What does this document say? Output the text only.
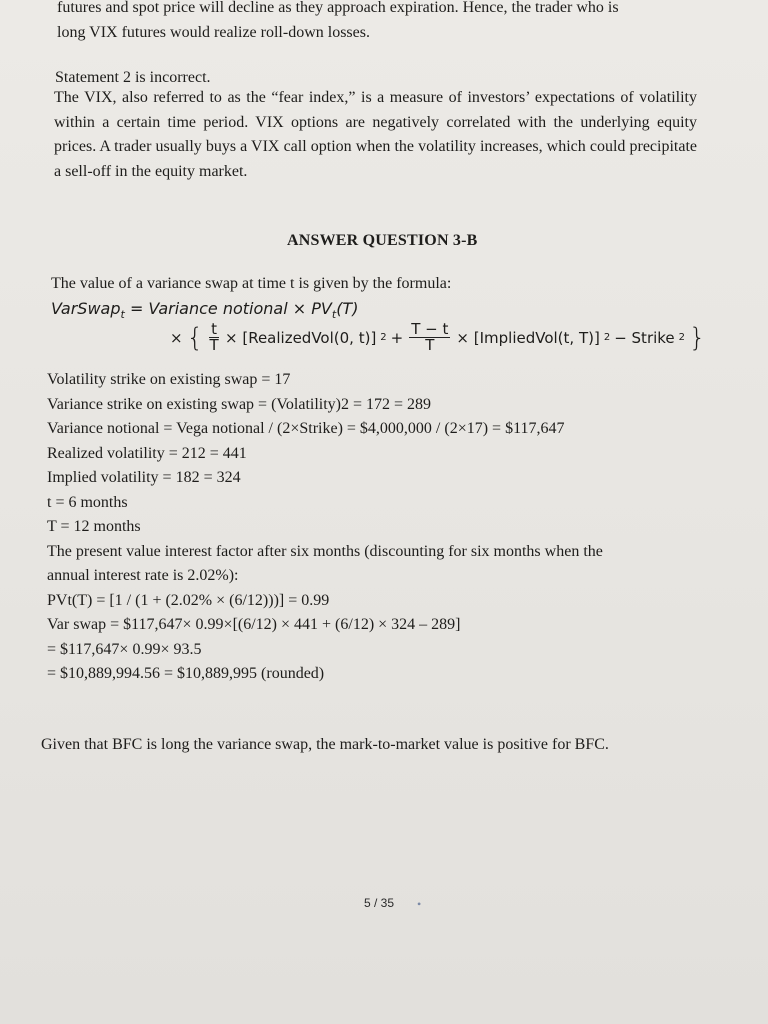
futures and spot price will decline as they approach expiration. Hence, the trader who is
long VIX futures would realize roll-down losses.
Statement 2 is incorrect.
The VIX, also referred to as the “fear index,” is a measure of investors’ expectations of volatility within a certain time period. VIX options are negatively correlated with the underlying equity prices. A trader usually buys a VIX call option when the volatility increases, which could precipitate a sell-off in the equity market.
ANSWER QUESTION 3-B
The value of a variance swap at time t is given by the formula:
VarSwap$_t$ = Variance notional × $PV_t(T)$
× { $\frac{t}{T}$ × [RealizedVol(0, t)] $2 + \frac{T - t}{T}$ × [ImpliedVol(t, T)] 2 − Strike 2 }
Volatility strike on existing swap = 17
Variance strike on existing swap = (Volatility)2 = 172 = 289
Variance notional = Vega notional / (2×Strike) = $4,000,000 / (2×17) = $117,647
Realized volatility = 212 = 441
Implied volatility = 182 = 324
t = 6 months
T = 12 months
The present value interest factor after six months (discounting for six months when the
annual interest rate is 2.02%):
PVt(T) = [1 / (1 + (2.02% × (6/12)))] = 0.99
Var swap = $117,647× 0.99×[(6/12) × 441 + (6/12) × 324 – 289]
= $117,647× 0.99× 93.5
= $10,889,994.56 = $10,889,995 (rounded)
Given that BFC is long the variance swap, the mark-to-market value is positive for BFC.
5 / 35 •
